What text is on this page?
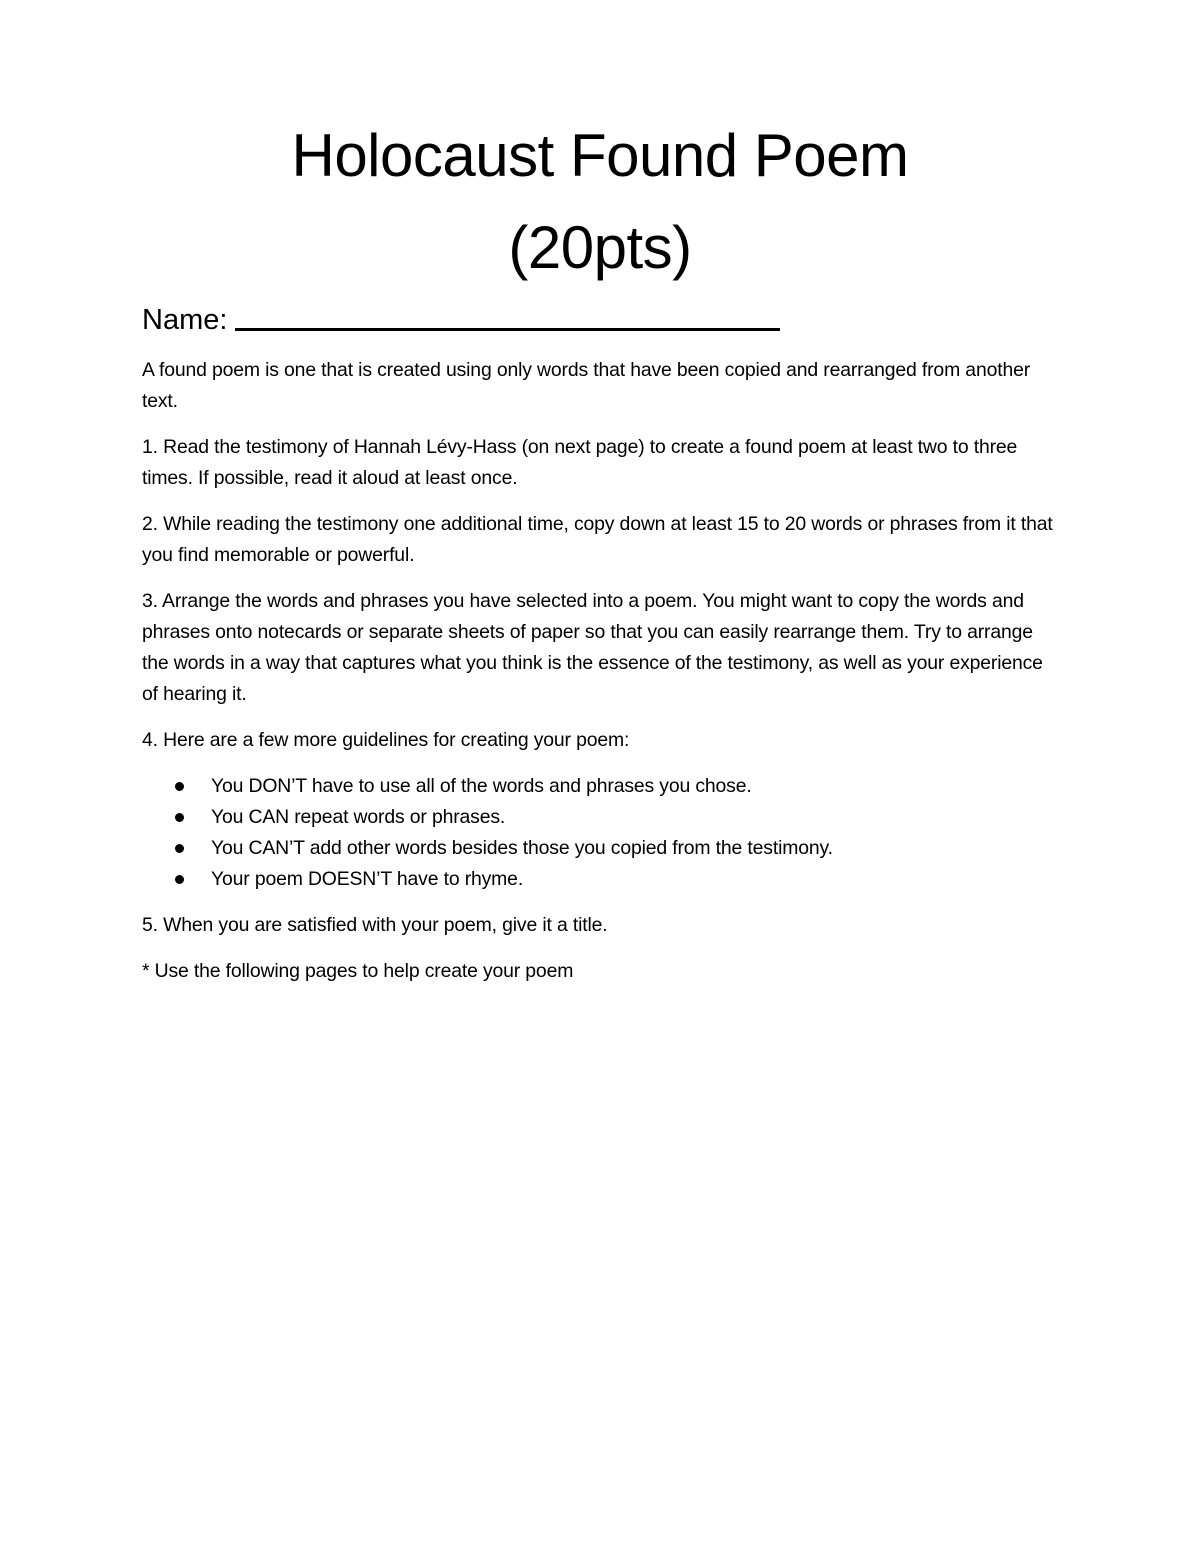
Holocaust Found Poem
(20pts)
Name:

A found poem is one that is created using only words that have been copied and rearranged from another text.

1. Read the testimony of Hannah Lévy-Hass (on next page) to create a found poem at least two to three times. If possible, read it aloud at least once.

2. While reading the testimony one additional time, copy down at least 15 to 20 words or phrases from it that you find memorable or powerful.

3. Arrange the words and phrases you have selected into a poem. You might want to copy the words and phrases onto notecards or separate sheets of paper so that you can easily rearrange them. Try to arrange the words in a way that captures what you think is the essence of the testimony, as well as your experience of hearing it.

4. Here are a few more guidelines for creating your poem:

You DON’T have to use all of the words and phrases you chose.
You CAN repeat words or phrases.
You CAN’T add other words besides those you copied from the testimony.
Your poem DOESN’T have to rhyme.

5. When you are satisfied with your poem, give it a title.

* Use the following pages to help create your poem
